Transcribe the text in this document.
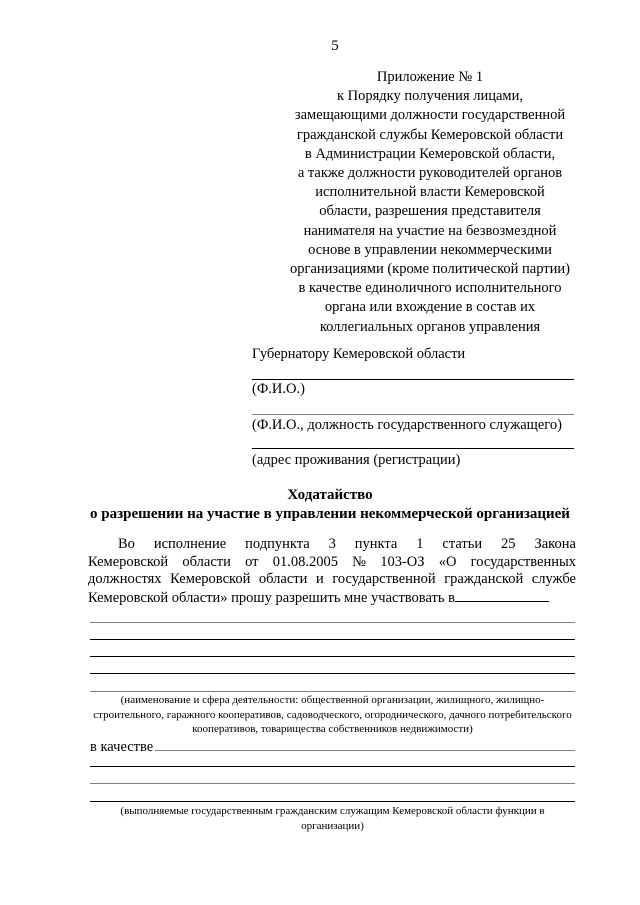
5
Приложение № 1
к Порядку получения лицами,
замещающими должности государственной
гражданской службы Кемеровской области
в Администрации Кемеровской области,
а также должности руководителей органов
исполнительной власти Кемеровской
области, разрешения представителя
нанимателя на участие на безвозмездной
основе в управлении некоммерческими
организациями (кроме политической партии)
в качестве единоличного исполнительного
органа или вхождение в состав их
коллегиальных органов управления
Губернатору Кемеровской области
(Ф.И.О.)
(Ф.И.О., должность государственного служащего)
(адрес проживания (регистрации)
Ходатайство
о разрешении на участие в управлении некоммерческой организацией
Во исполнение подпункта 3 пункта 1 статьи 25 Закона
Кемеровской области от 01.08.2005 № 103-ОЗ «О государственных
должностях Кемеровской области и государственной гражданской службе
Кемеровской области» прошу разрешить мне участвовать в
(наименование и сфера деятельности: общественной организации, жилищного, жилищно-строительного, гаражного кооперативов, садоводческого, огороднического, дачного потребительского кооперативов, товарищества собственников недвижимости)
в качестве
(выполняемые государственным гражданским служащим Кемеровской области функции в организации)
